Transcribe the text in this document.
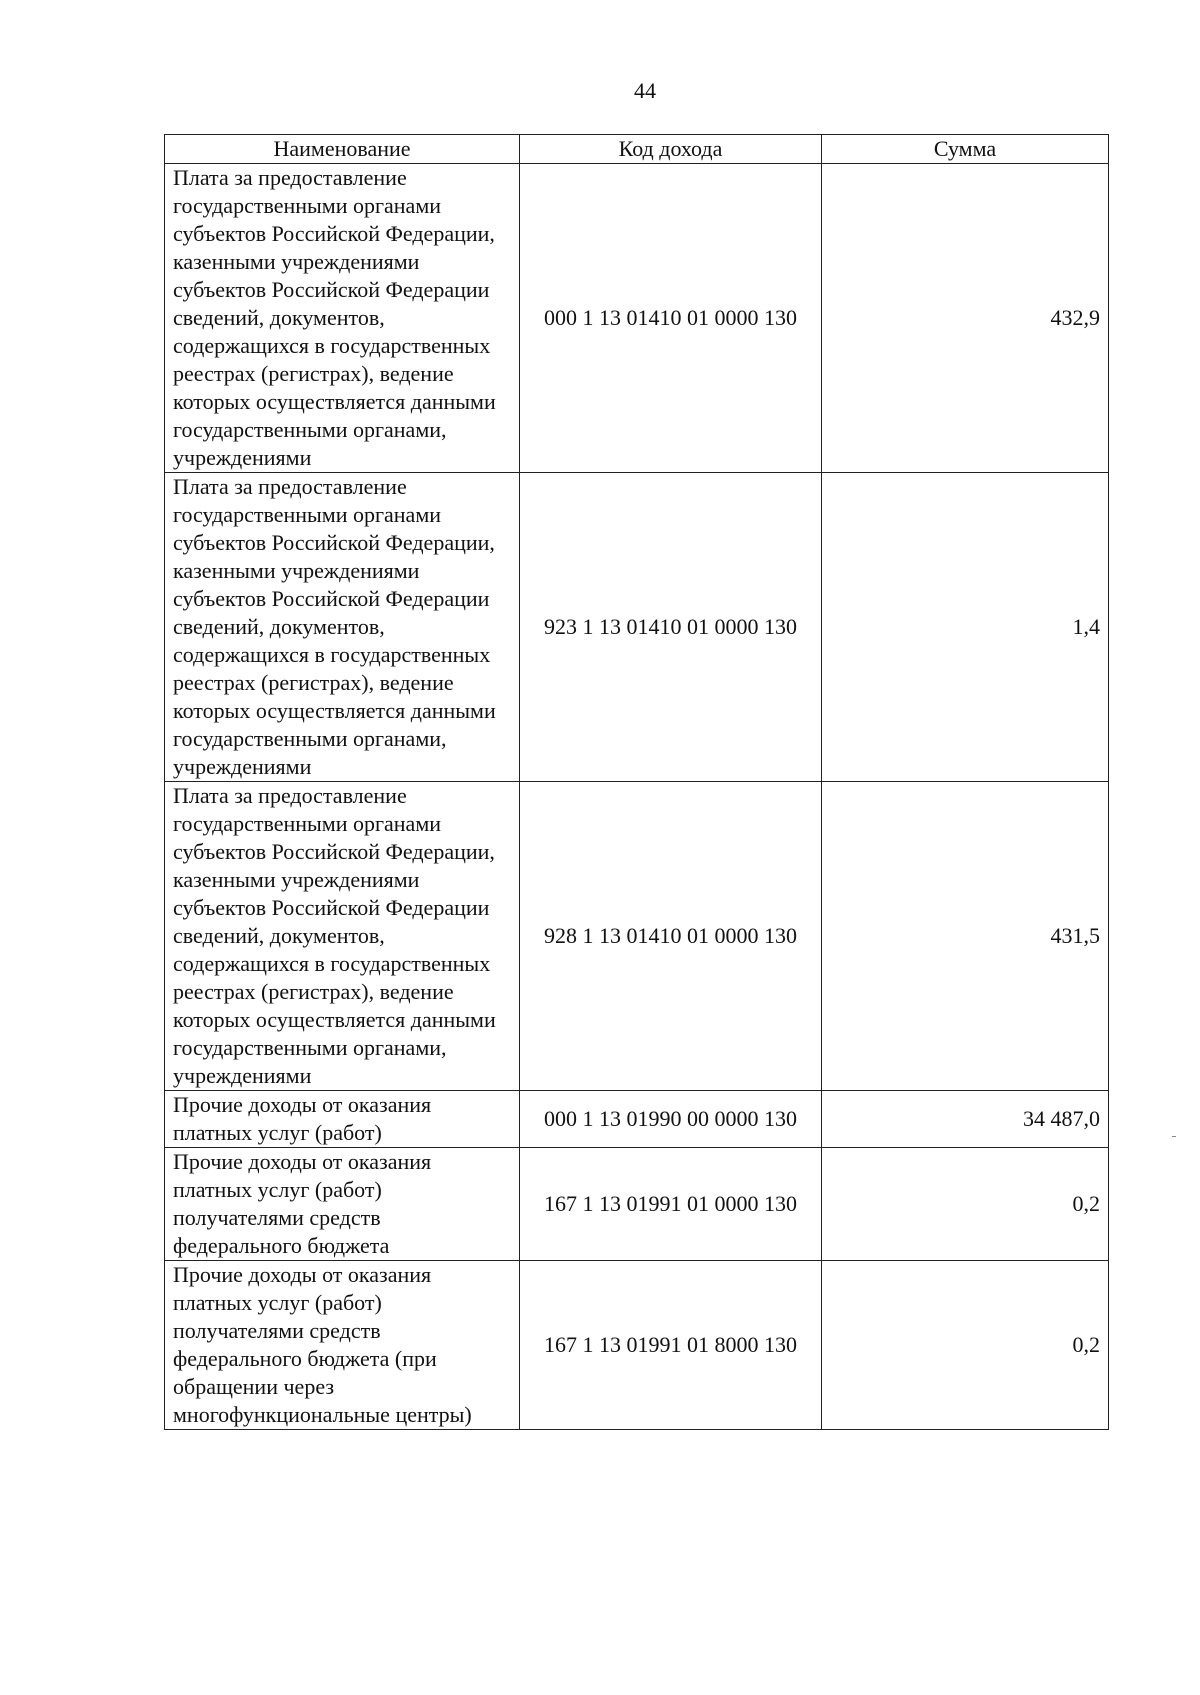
44
Наименование	Код дохода	Сумма
Плата за предоставление государственными органами субъектов Российской Федерации, казенными учреждениями субъектов Российской Федерации сведений, документов, содержащихся в государственных реестрах (регистрах), ведение которых осуществляется данными государственными органами, учреждениями	000 1 13 01410 01 0000 130	432,9
Плата за предоставление государственными органами субъектов Российской Федерации, казенными учреждениями субъектов Российской Федерации сведений, документов, содержащихся в государственных реестрах (регистрах), ведение которых осуществляется данными государственными органами, учреждениями	923 1 13 01410 01 0000 130	1,4
Плата за предоставление государственными органами субъектов Российской Федерации, казенными учреждениями субъектов Российской Федерации сведений, документов, содержащихся в государственных реестрах (регистрах), ведение которых осуществляется данными государственными органами, учреждениями	928 1 13 01410 01 0000 130	431,5
Прочие доходы от оказания платных услуг (работ)	000 1 13 01990 00 0000 130	34 487,0
Прочие доходы от оказания платных услуг (работ) получателями средств федерального бюджета	167 1 13 01991 01 0000 130	0,2
Прочие доходы от оказания платных услуг (работ) получателями средств федерального бюджета (при обращении через многофункциональные центры)	167 1 13 01991 01 8000 130	0,2
